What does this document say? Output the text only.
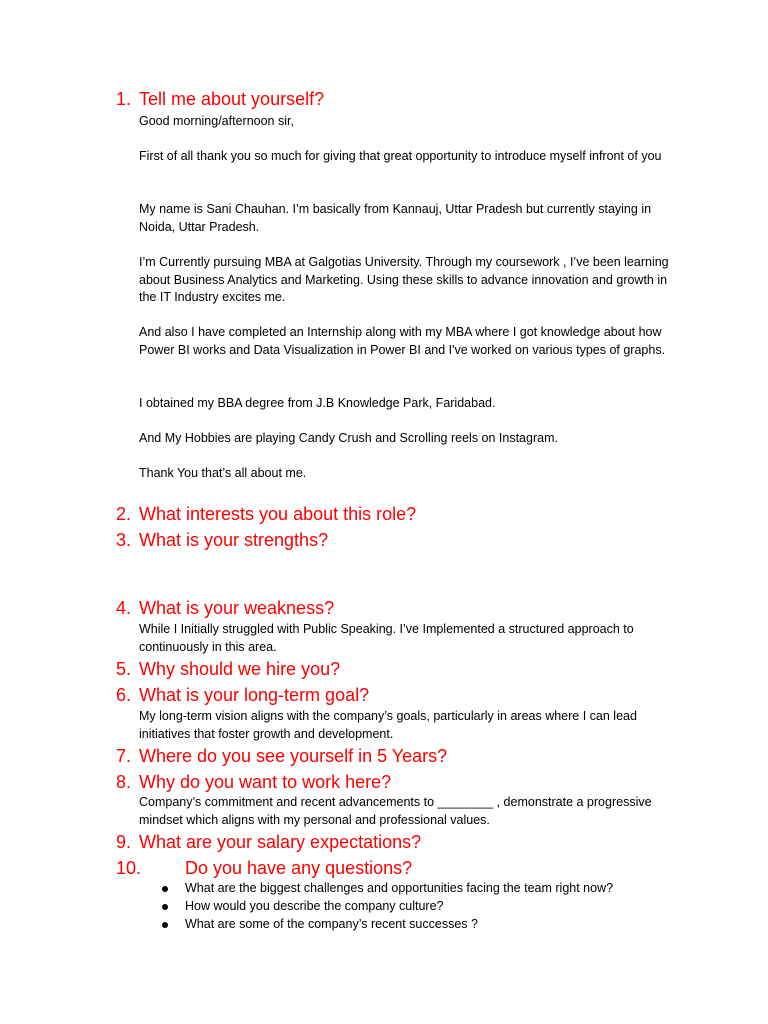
1. Tell me about yourself?
Good morning/afternoon sir,
First of all thank you so much for giving that great opportunity to introduce myself infront of you
My name is Sani Chauhan. I’m basically from Kannauj, Uttar Pradesh but currently staying in Noida, Uttar Pradesh.
I’m Currently pursuing MBA at Galgotias University. Through my coursework , I’ve been learning about Business Analytics and Marketing. Using these skills to advance innovation and growth in the IT Industry excites me.
And also I have completed an Internship along with my MBA where I got knowledge about how Power BI works and Data Visualization in Power BI and I've worked on various types of graphs.
I obtained my BBA degree from J.B Knowledge Park, Faridabad.
And My Hobbies are playing Candy Crush and Scrolling reels on Instagram.
Thank You that’s all about me.
2. What interests you about this role?
3. What is your strengths?
4. What is your weakness?
While I Initially struggled with Public Speaking. I’ve Implemented a structured approach to continuously in this area.
5. Why should we hire you?
6. What is your long-term goal?
My long-term vision aligns with the company’s goals, particularly in areas where I can lead initiatives that foster growth and development.
7. Where do you see yourself in 5 Years?
8. Why do you want to work here?
Company’s commitment and recent advancements to ________ , demonstrate a progressive mindset which aligns with my personal and professional values.
9. What are your salary expectations?
10. Do you have any questions?
What are the biggest challenges and opportunities facing the team right now?
How would you describe the company culture?
What are some of the company’s recent successes ?
